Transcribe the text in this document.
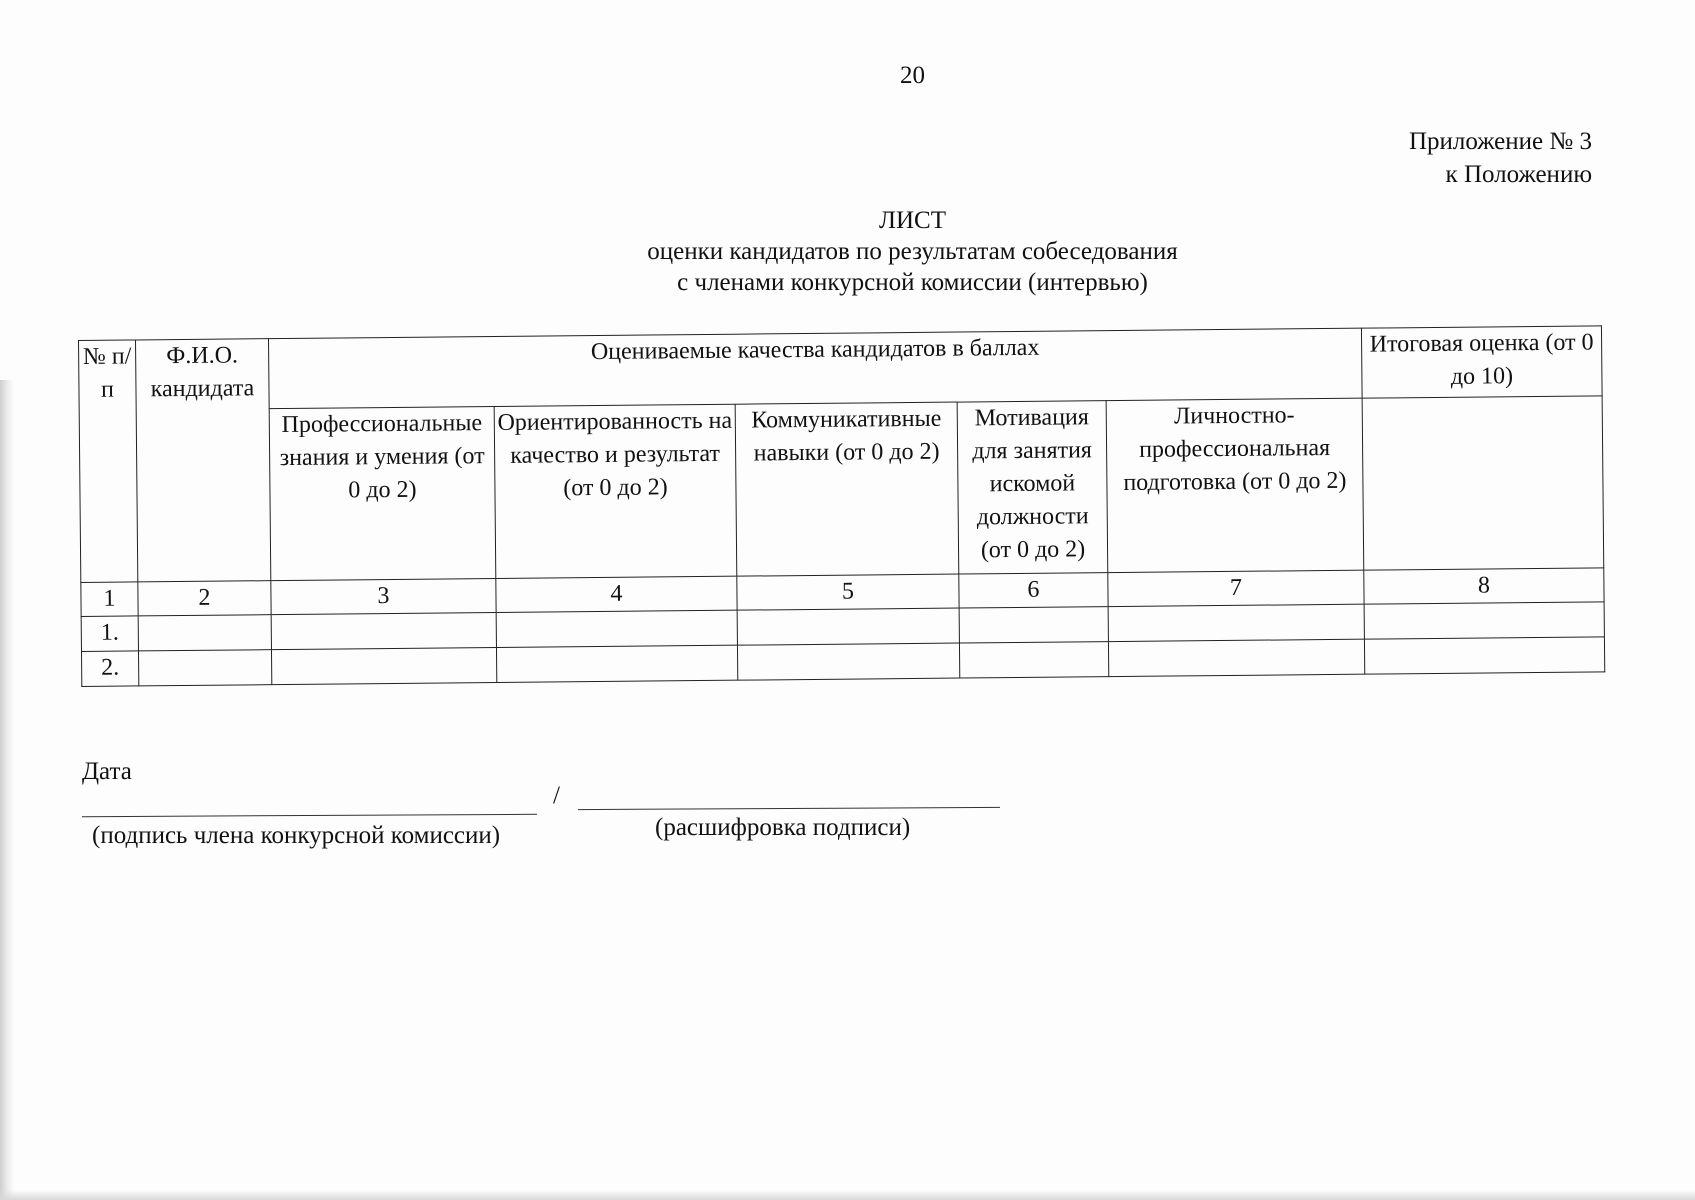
20
Приложение № 3
к Положению
ЛИСТ
оценки кандидатов по результатам собеседования
с членами конкурсной комиссии (интервью)
№ п/п	Ф.И.О. кандидата	Оцениваемые качества кандидатов в баллах					Итоговая оценка (от 0 до 10)
		Профессиональные знания и умения (от 0 до 2)	Ориентированность на качество и результат (от 0 до 2)	Коммуникативные навыки (от 0 до 2)	Мотивация для занятия искомой должности (от 0 до 2)	Личностно-профессиональная подготовка (от 0 до 2)	
1	2	3	4	5	6	7	8
1.							
2.							
Дата
/
(подпись члена конкурсной комиссии)	(расшифровка подписи)
